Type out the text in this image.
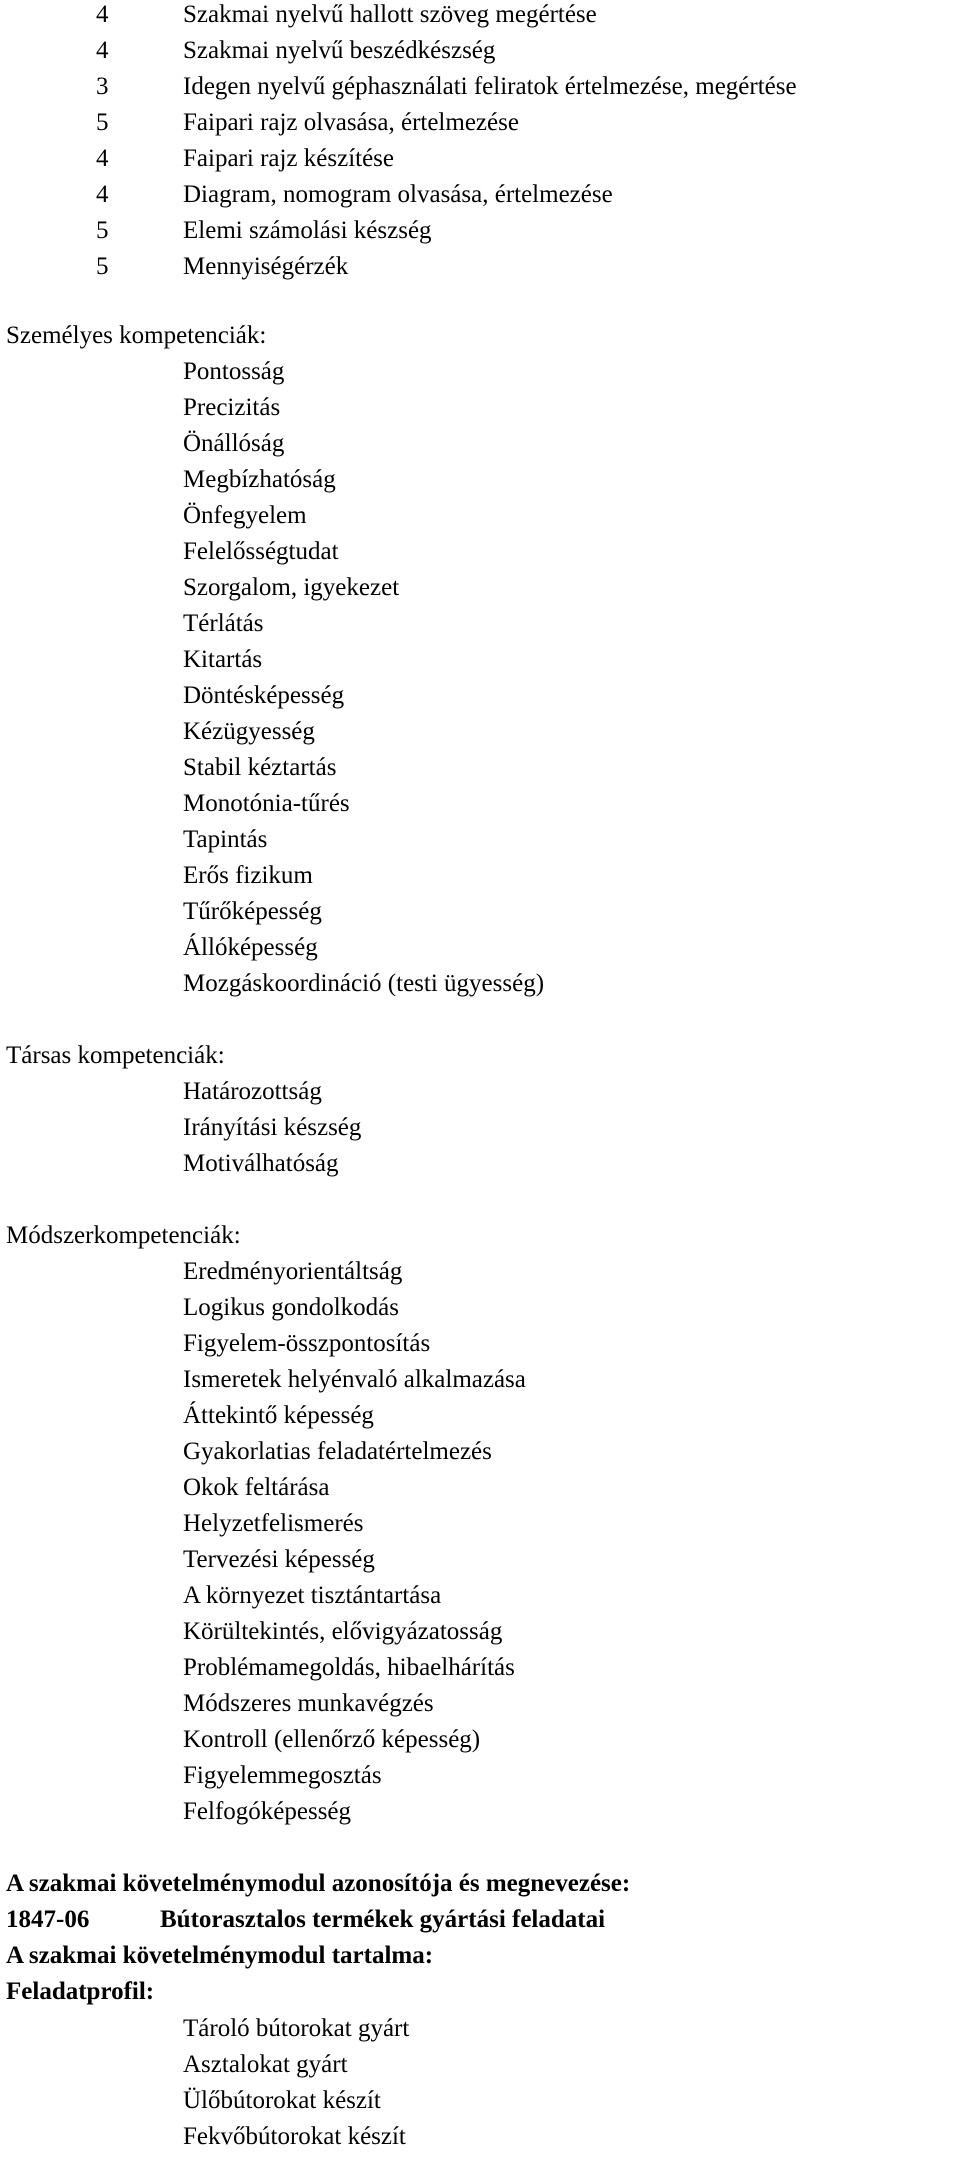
4	Szakmai nyelvű hallott szöveg megértése
4	Szakmai nyelvű beszédkészség
3	Idegen nyelvű géphasználati feliratok értelmezése, megértése
5	Faipari rajz olvasása, értelmezése
4	Faipari rajz készítése
4	Diagram, nomogram olvasása, értelmezése
5	Elemi számolási készség
5	Mennyiségérzék
Személyes kompetenciák:
Pontosság
Precizitás
Önállóság
Megbízhatóság
Önfegyelem
Felelősségtudat
Szorgalom, igyekezet
Térlátás
Kitartás
Döntésképesség
Kézügyesség
Stabil kéztartás
Monotónia-tűrés
Tapintás
Erős fizikum
Tűrőképesség
Állóképesség
Mozgáskoordináció (testi ügyesség)
Társas kompetenciák:
Határozottság
Irányítási készség
Motiválhatóság
Módszerkompetenciák:
Eredményorientáltság
Logikus gondolkodás
Figyelem-összpontosítás
Ismeretek helyénvaló alkalmazása
Áttekintő képesség
Gyakorlatias feladatértelmezés
Okok feltárása
Helyzetfelismerés
Tervezési képesség
A környezet tisztántartása
Körültekintés, elővigyázatosság
Problémamegoldás, hibaelhárítás
Módszeres munkavégzés
Kontroll (ellenőrző képesség)
Figyelemmegosztás
Felfogóképesség
A szakmai követelménymodul azonosítója és megnevezése:
1847-06	Bútorasztalos termékek gyártási feladatai
A szakmai követelménymodul tartalma:
Feladatprofil:
Tároló bútorokat gyárt
Asztalokat gyárt
Ülőbútorokat készít
Fekvőbútorokat készít
